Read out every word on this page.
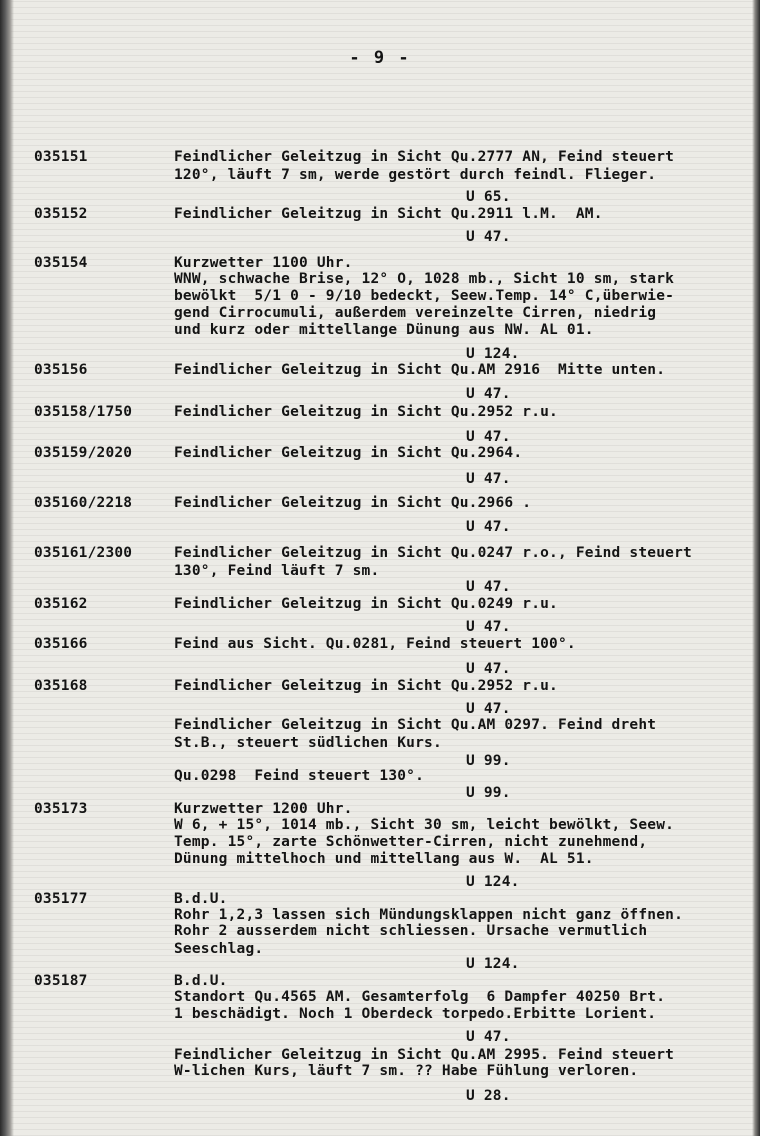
- 9 -
035151	Feindlicher Geleitzug in Sicht Qu.2777 AN, Feind steuert
120°, läuft 7 sm, werde gestört durch feindl. Flieger.
U 65.
035152	Feindlicher Geleitzug in Sicht Qu.2911 l.M.  AM.
U 47.
035154	Kurzwetter 1100 Uhr.
WNW, schwache Brise, 12° O, 1028 mb., Sicht 10 sm, stark
bewölkt  5/1 0 - 9/10 bedeckt, Seew.Temp. 14° C,überwie-
gend Cirrocumuli, außerdem vereinzelte Cirren, niedrig
und kurz oder mittellange Dünung aus NW. AL 01.
U 124.
035156	Feindlicher Geleitzug in Sicht Qu.AM 2916  Mitte unten.
U 47.
035158/1750	Feindlicher Geleitzug in Sicht Qu.2952 r.u.
U 47.
035159/2020	Feindlicher Geleitzug in Sicht Qu.2964.
U 47.
035160/2218	Feindlicher Geleitzug in Sicht Qu.2966 .
U 47.
035161/2300	Feindlicher Geleitzug in Sicht Qu.0247 r.o., Feind steuert
130°, Feind läuft 7 sm.
U 47.
035162	Feindlicher Geleitzug in Sicht Qu.0249 r.u.
U 47.
035166	Feind aus Sicht. Qu.0281, Feind steuert 100°.
U 47.
035168	Feindlicher Geleitzug in Sicht Qu.2952 r.u.
U 47.
Feindlicher Geleitzug in Sicht Qu.AM 0297. Feind dreht
St.B., steuert südlichen Kurs.
U 99.
Qu.0298  Feind steuert 130°.
U 99.
035173	Kurzwetter 1200 Uhr.
W 6, + 15°, 1014 mb., Sicht 30 sm, leicht bewölkt, Seew.
Temp. 15°, zarte Schönwetter-Cirren, nicht zunehmend,
Dünung mittelhoch und mittellang aus W.  AL 51.
U 124.
035177	B.d.U.
Rohr 1,2,3 lassen sich Mündungsklappen nicht ganz öffnen.
Rohr 2 ausserdem nicht schliessen. Ursache vermutlich
Seeschlag.
U 124.
035187	B.d.U.
Standort Qu.4565 AM. Gesamterfolg  6 Dampfer 40250 Brt.
1 beschädigt. Noch 1 Oberdeck torpedo.Erbitte Lorient.
U 47.
Feindlicher Geleitzug in Sicht Qu.AM 2995. Feind steuert
W-lichen Kurs, läuft 7 sm. ?? Habe Fühlung verloren.
U 28.
